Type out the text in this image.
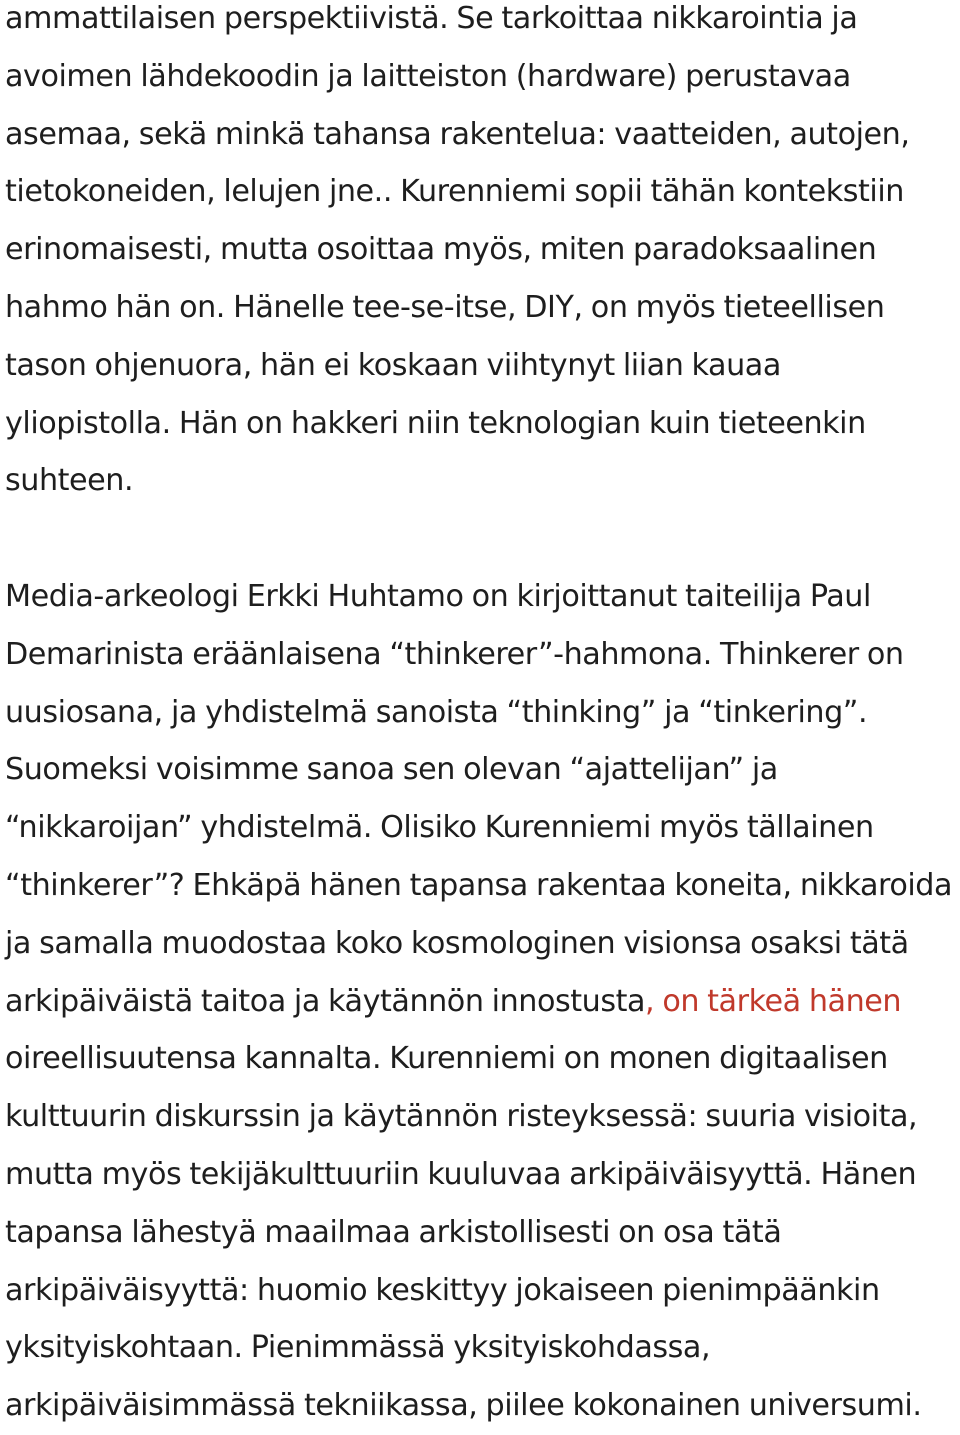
ammattilaisen perspektiivistä. Se tarkoittaa nikkarointia ja
avoimen lähdekoodin ja laitteiston (hardware) perustavaa
asemaa, sekä minkä tahansa rakentelua: vaatteiden, autojen,
tietokoneiden, lelujen jne.. Kurenniemi sopii tähän kontekstiin
erinomaisesti, mutta osoittaa myös, miten paradoksaalinen
hahmo hän on. Hänelle tee-se-itse, DIY, on myös tieteellisen
tason ohjenuora, hän ei koskaan viihtynyt liian kauaa
yliopistolla. Hän on hakkeri niin teknologian kuin tieteenkin
suhteen.
Media-arkeologi Erkki Huhtamo on kirjoittanut taiteilija Paul
Demarinista eräänlaisena “thinkerer”-hahmona. Thinkerer on
uusiosana, ja yhdistelmä sanoista “thinking” ja “tinkering”.
Suomeksi voisimme sanoa sen olevan “ajattelijan” ja
“nikkaroijan” yhdistelmä. Olisiko Kurenniemi myös tällainen
“thinkerer”? Ehkäpä hänen tapansa rakentaa koneita, nikkaroida
ja samalla muodostaa koko kosmologinen visionsa osaksi tätä
arkipäiväistä taitoa ja käytännön innostusta, on tärkeä hänen
oireellisuutensa kannalta. Kurenniemi on monen digitaalisen
kulttuurin diskurssin ja käytännön risteyksessä: suuria visioita,
mutta myös tekijäkulttuuriin kuuluvaa arkipäiväisyyttä. Hänen
tapansa lähestyä maailmaa arkistollisesti on osa tätä
arkipäiväisyyttä: huomio keskittyy jokaiseen pienimpäänkin
yksityiskohtaan. Pienimmässä yksityiskohdassa,
arkipäiväisimmässä tekniikassa, piilee kokonainen universumi.
